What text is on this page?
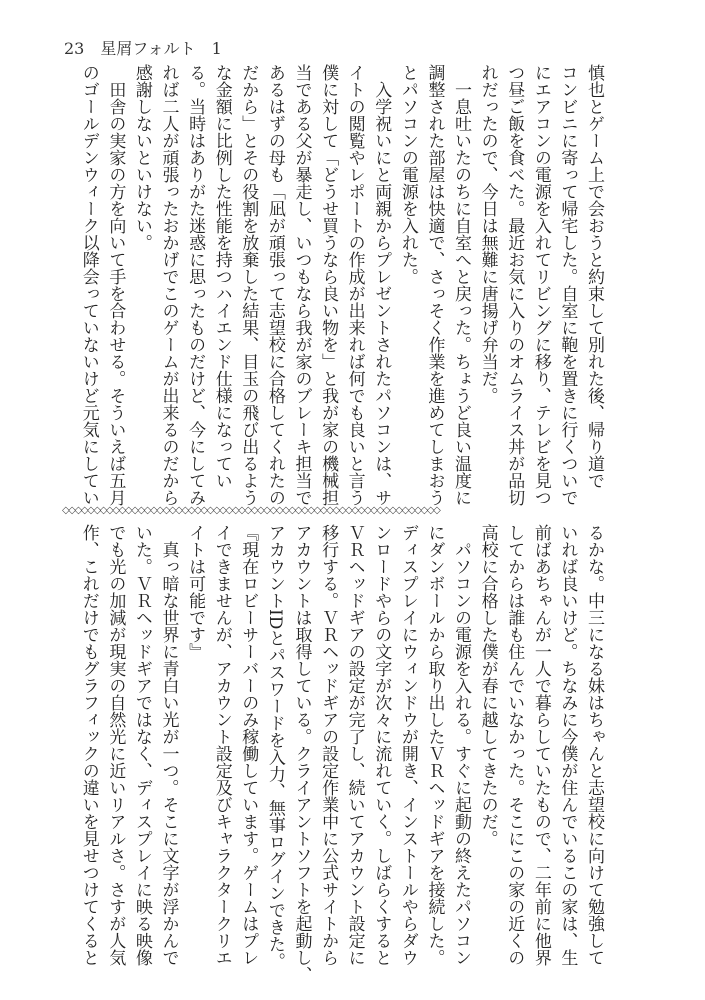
23　 星屑フォルト　 1
慎也とゲーム上で会おうと約束して別れた後、帰り道で
コンビニに寄って帰宅した。自室に鞄を置きに行くついで
にエアコンの電源を入れてリビングに移り、テレビを見つ
つ昼ご飯を食べた。最近お気に入りのオムライス丼が品切
れだったので、今日は無難に唐揚げ弁当だ。
　一息吐いたのちに自室へと戻った。ちょうど良い温度に
調整された部屋は快適で、さっそく作業を進めてしまおう
とパソコンの電源を入れた。
　入学祝いにと両親からプレゼントされたパソコンは、サ
イトの閲覧やレポートの作成が出来れば何でも良いと言う
僕に対して「どうせ買うなら良い物を」と我が家の機械担
当である父が暴走し、いつもなら我が家のブレーキ担当で
あるはずの母も「凪が頑張って志望校に合格してくれたの
だから」とその役割を放棄した結果、目玉の飛び出るよう
な金額に比例した性能を持つハイエンド仕様になってい
る。当時はありがた迷惑に思ったものだけど、今にしてみ
れば二人が頑張ったおかげでこのゲームが出来るのだから
感謝しないといけない。
　田舎の実家の方を向いて手を合わせる。そういえば五月
のゴールデンウィーク以降会っていないけど元気にしてい
◇◇◇◇◇◇◇◇◇◇◇◇◇◇◇◇◇◇◇◇◇◇◇◇◇◇◇◇◇◇◇◇◇◇◇◇◇◇◇◇◇◇◇◇◇◇◇◇◇◇◇◇◇◇◇◇◇◇◇◇
るかな。中三になる妹はちゃんと志望校に向けて勉強して
いれば良いけど。ちなみに今僕が住んでいるこの家は、生
前ばあちゃんが一人で暮らしていたもので、二年前に他界
してからは誰も住んでいなかった。そこにこの家の近くの
高校に合格した僕が春に越してきたのだ。
　パソコンの電源を入れる。すぐに起動の終えたパソコン
にダンボールから取り出したＶＲヘッドギアを接続した。
ディスプレイにウィンドウが開き、インストールやらダウ
ンロードやらの文字が次々に流れていく。しばらくすると
ＶＲヘッドギアの設定が完了し、続いてアカウント設定に
移行する。ＶＲヘッドギアの設定作業中に公式サイトから
アカウントは取得している。クライアントソフトを起動し、
アカウントIDとパスワードを入力、無事ログインできた。
『現在ロビーサーバーのみ稼働しています。ゲームはプレ
イできませんが、アカウント設定及びキャラクタークリエ
イトは可能です』
　真っ暗な世界に青白い光が一つ。そこに文字が浮かんで
いた。ＶＲヘッドギアではなく、ディスプレイに映る映像
でも光の加減が現実の自然光に近いリアルさ。さすが人気
作、これだけでもグラフィックの違いを見せつけてくると
